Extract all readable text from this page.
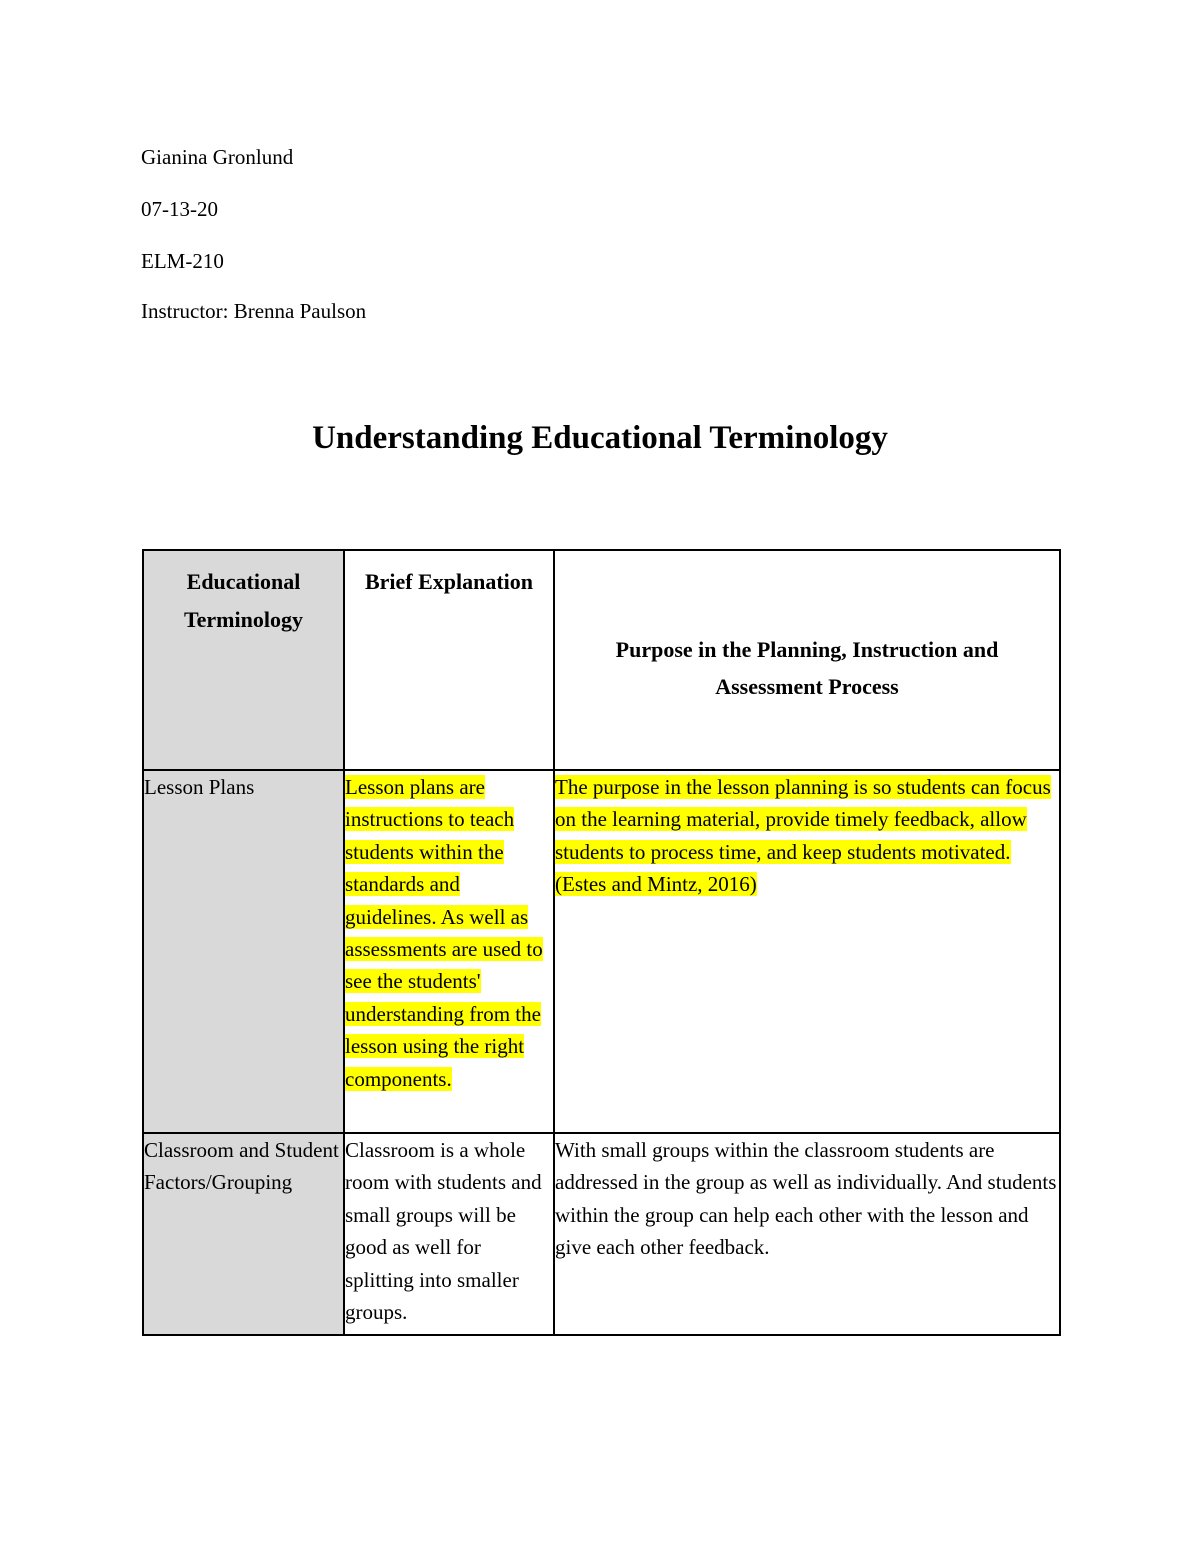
Gianina Gronlund
07-13-20
ELM-210
Instructor: Brenna Paulson
Understanding Educational Terminology
Educational Terminology	Brief Explanation	Purpose in the Planning, Instruction and Assessment Process

Lesson Plans	Lesson plans are instructions to teach students within the standards and guidelines. As well as assessments are used to see the students' understanding from the lesson using the right components.	The purpose in the lesson planning is so students can focus on the learning material, provide timely feedback, allow students to process time, and keep students motivated. (Estes and Mintz, 2016)
Classroom and Student Factors/Grouping	Classroom is a whole room with students and small groups will be good as well for splitting into smaller groups.	With small groups within the classroom students are addressed in the group as well as individually. And students within the group can help each other with the lesson and give each other feedback.
